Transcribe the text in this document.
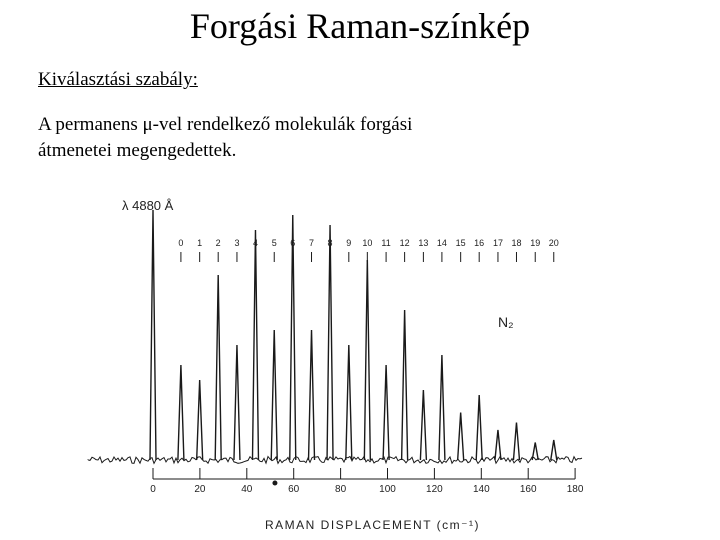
Forgási Raman-színkép
Kiválasztási szabály:
A permanens μ-vel rendelkező molekulák forgási
átmenetei megengedettek.
λ 4880 Å
N₂
0 1 2 3 4 5 6 7 8 9 10 11 12 13 14 15 16 17 18 19 20
0	20	40	60	80	100	120	140	160	180
RAMAN DISPLACEMENT (cm⁻¹)
